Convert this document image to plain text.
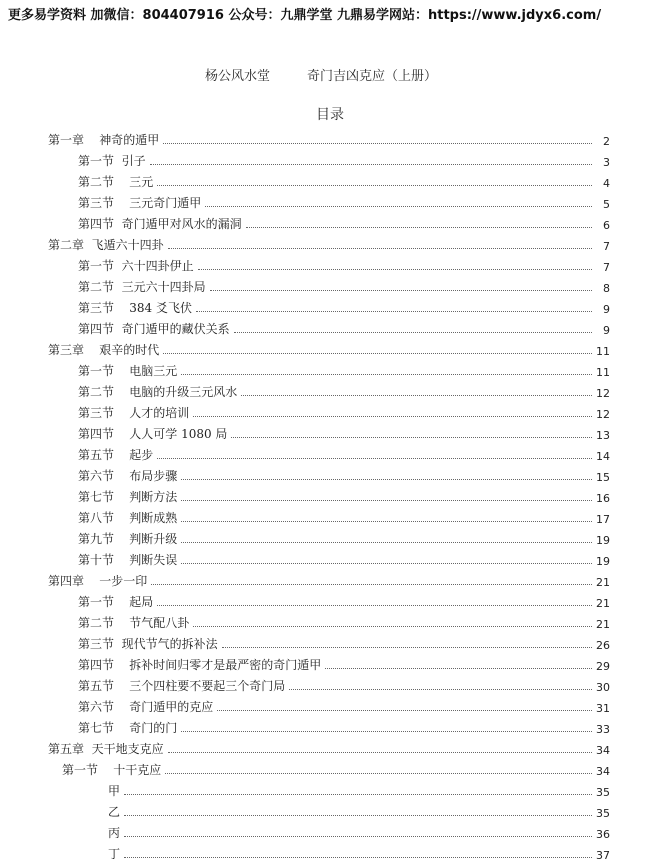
更多易学资料 加微信：804407916 公众号：九鼎学堂 九鼎易学网站：https://www.jdyx6.com/
杨公风水堂	奇门吉凶克应（上册）
目录
第一章    神奇的遁甲	2
第一节  引子	3
第二节    三元	4
第三节    三元奇门遁甲	5
第四节  奇门遁甲对风水的漏洞	6
第二章  飞遁六十四卦	7
第一节  六十四卦伊止	7
第二节  三元六十四卦局	8
第三节    384 爻飞伏	9
第四节  奇门遁甲的藏伏关系	9
第三章    艰辛的时代	11
第一节    电脑三元	11
第二节    电脑的升级三元风水	12
第三节    人才的培训	12
第四节    人人可学 1080 局	13
第五节    起步	14
第六节    布局步骤	15
第七节    判断方法	16
第八节    判断成熟	17
第九节    判断升级	19
第十节    判断失误	19
第四章    一步一印	21
第一节    起局	21
第二节    节气配八卦	21
第三节  现代节气的拆补法	26
第四节    拆补时间归零才是最严密的奇门遁甲	29
第五节    三个四柱要不要起三个奇门局	30
第六节    奇门遁甲的克应	31
第七节    奇门的门	33
第五章  天干地支克应	34
第一节    十干克应	34
甲	35
乙	35
丙	36
丁	37
